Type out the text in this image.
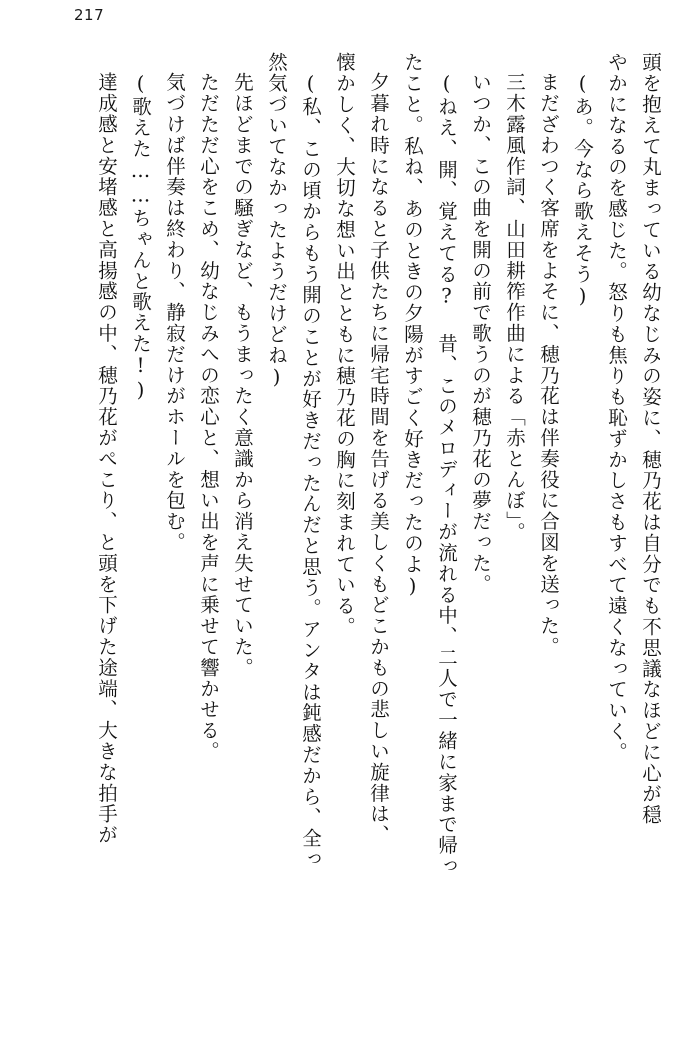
217
頭を抱えて丸まっている幼なじみの姿に、穂乃花は自分でも不思議なほどに心が穏
やかになるのを感じた。怒りも焦りも恥ずかしさもすべて遠くなっていく。
(あ。今なら歌えそう)
まだざわつく客席をよそに、穂乃花は伴奏役に合図を送った。
三木露風作詞、山田耕筰作曲による「赤とんぼ」。
いつか、この曲を開の前で歌うのが穂乃花の夢だった。
(ねえ、開、覚えてる? 昔、このメロディーが流れる中、二人で一緒に家まで帰っ
たこと。私ね、あのときの夕陽がすごく好きだったのよ)
夕暮れ時になると子供たちに帰宅時間を告げる美しくもどこかもの悲しい旋律は、
懐かしく、大切な想い出とともに穂乃花の胸に刻まれている。
(私、この頃からもう開のことが好きだったんだと思う。アンタは鈍感だから、全っ
然気づいてなかったようだけどね)
先ほどまでの騒ぎなど、もうまったく意識から消え失せていた。
ただただ心をこめ、幼なじみへの恋心と、想い出を声に乗せて響かせる。
気づけば伴奏は終わり、静寂だけがホールを包む。
(歌えた……ちゃんと歌えた!)
達成感と安堵感と高揚感の中、穂乃花がぺこり、と頭を下げた途端、大きな拍手が
